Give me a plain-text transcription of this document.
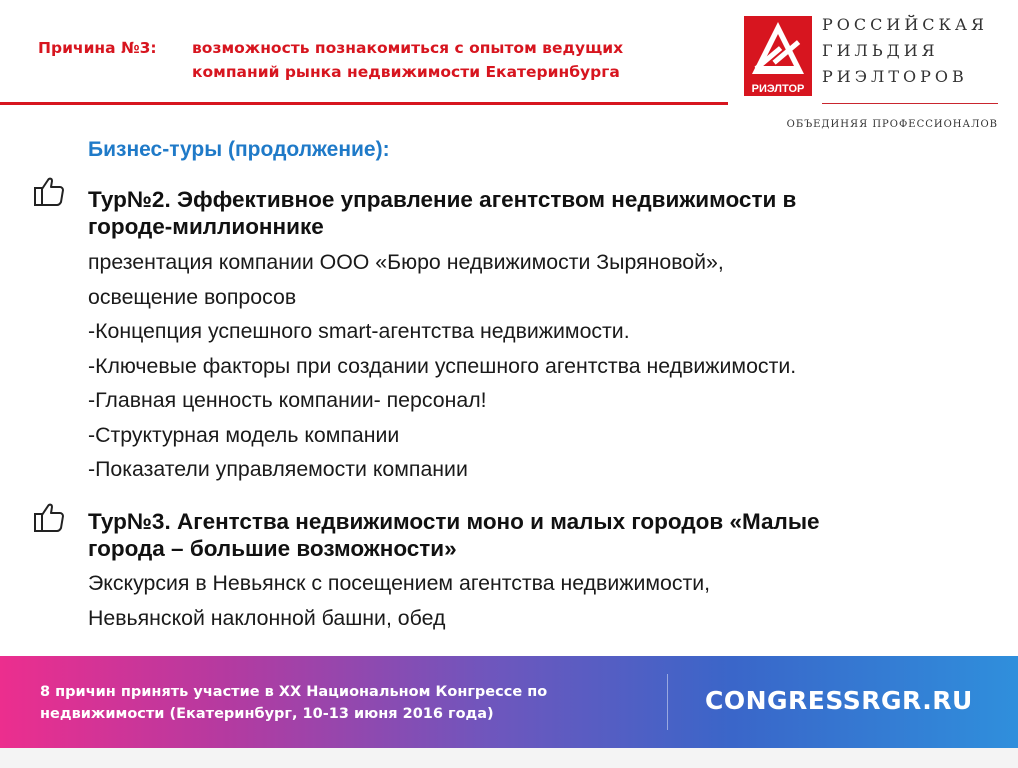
Причина №3: возможность познакомиться с опытом ведущих
компаний рынка недвижимости Екатеринбурга
РИЭЛТОР
РОССИЙСКАЯ
ГИЛЬДИЯ
РИЭЛТОРОВ
ОБЪЕДИНЯЯ ПРОФЕССИОНАЛОВ
Бизнес-туры (продолжение):
Тур№2. Эффективное управление агентством недвижимости в
городе-миллионнике
презентация компании ООО «Бюро недвижимости Зыряновой»,
освещение вопросов
-Концепция успешного smart-агентства недвижимости.
-Ключевые факторы при создании успешного агентства недвижимости.
-Главная ценность компании- персонал!
-Структурная модель компании
-Показатели управляемости компании
Тур№3. Агентства недвижимости моно и малых городов «Малые
города – большие возможности»
Экскурсия в Невьянск с посещением агентства недвижимости,
Невьянской наклонной башни, обед
8 причин принять участие в XX Национальном Конгрессе по
недвижимости (Екатеринбург, 10-13 июня 2016 года)	CONGRESSRGR.RU
